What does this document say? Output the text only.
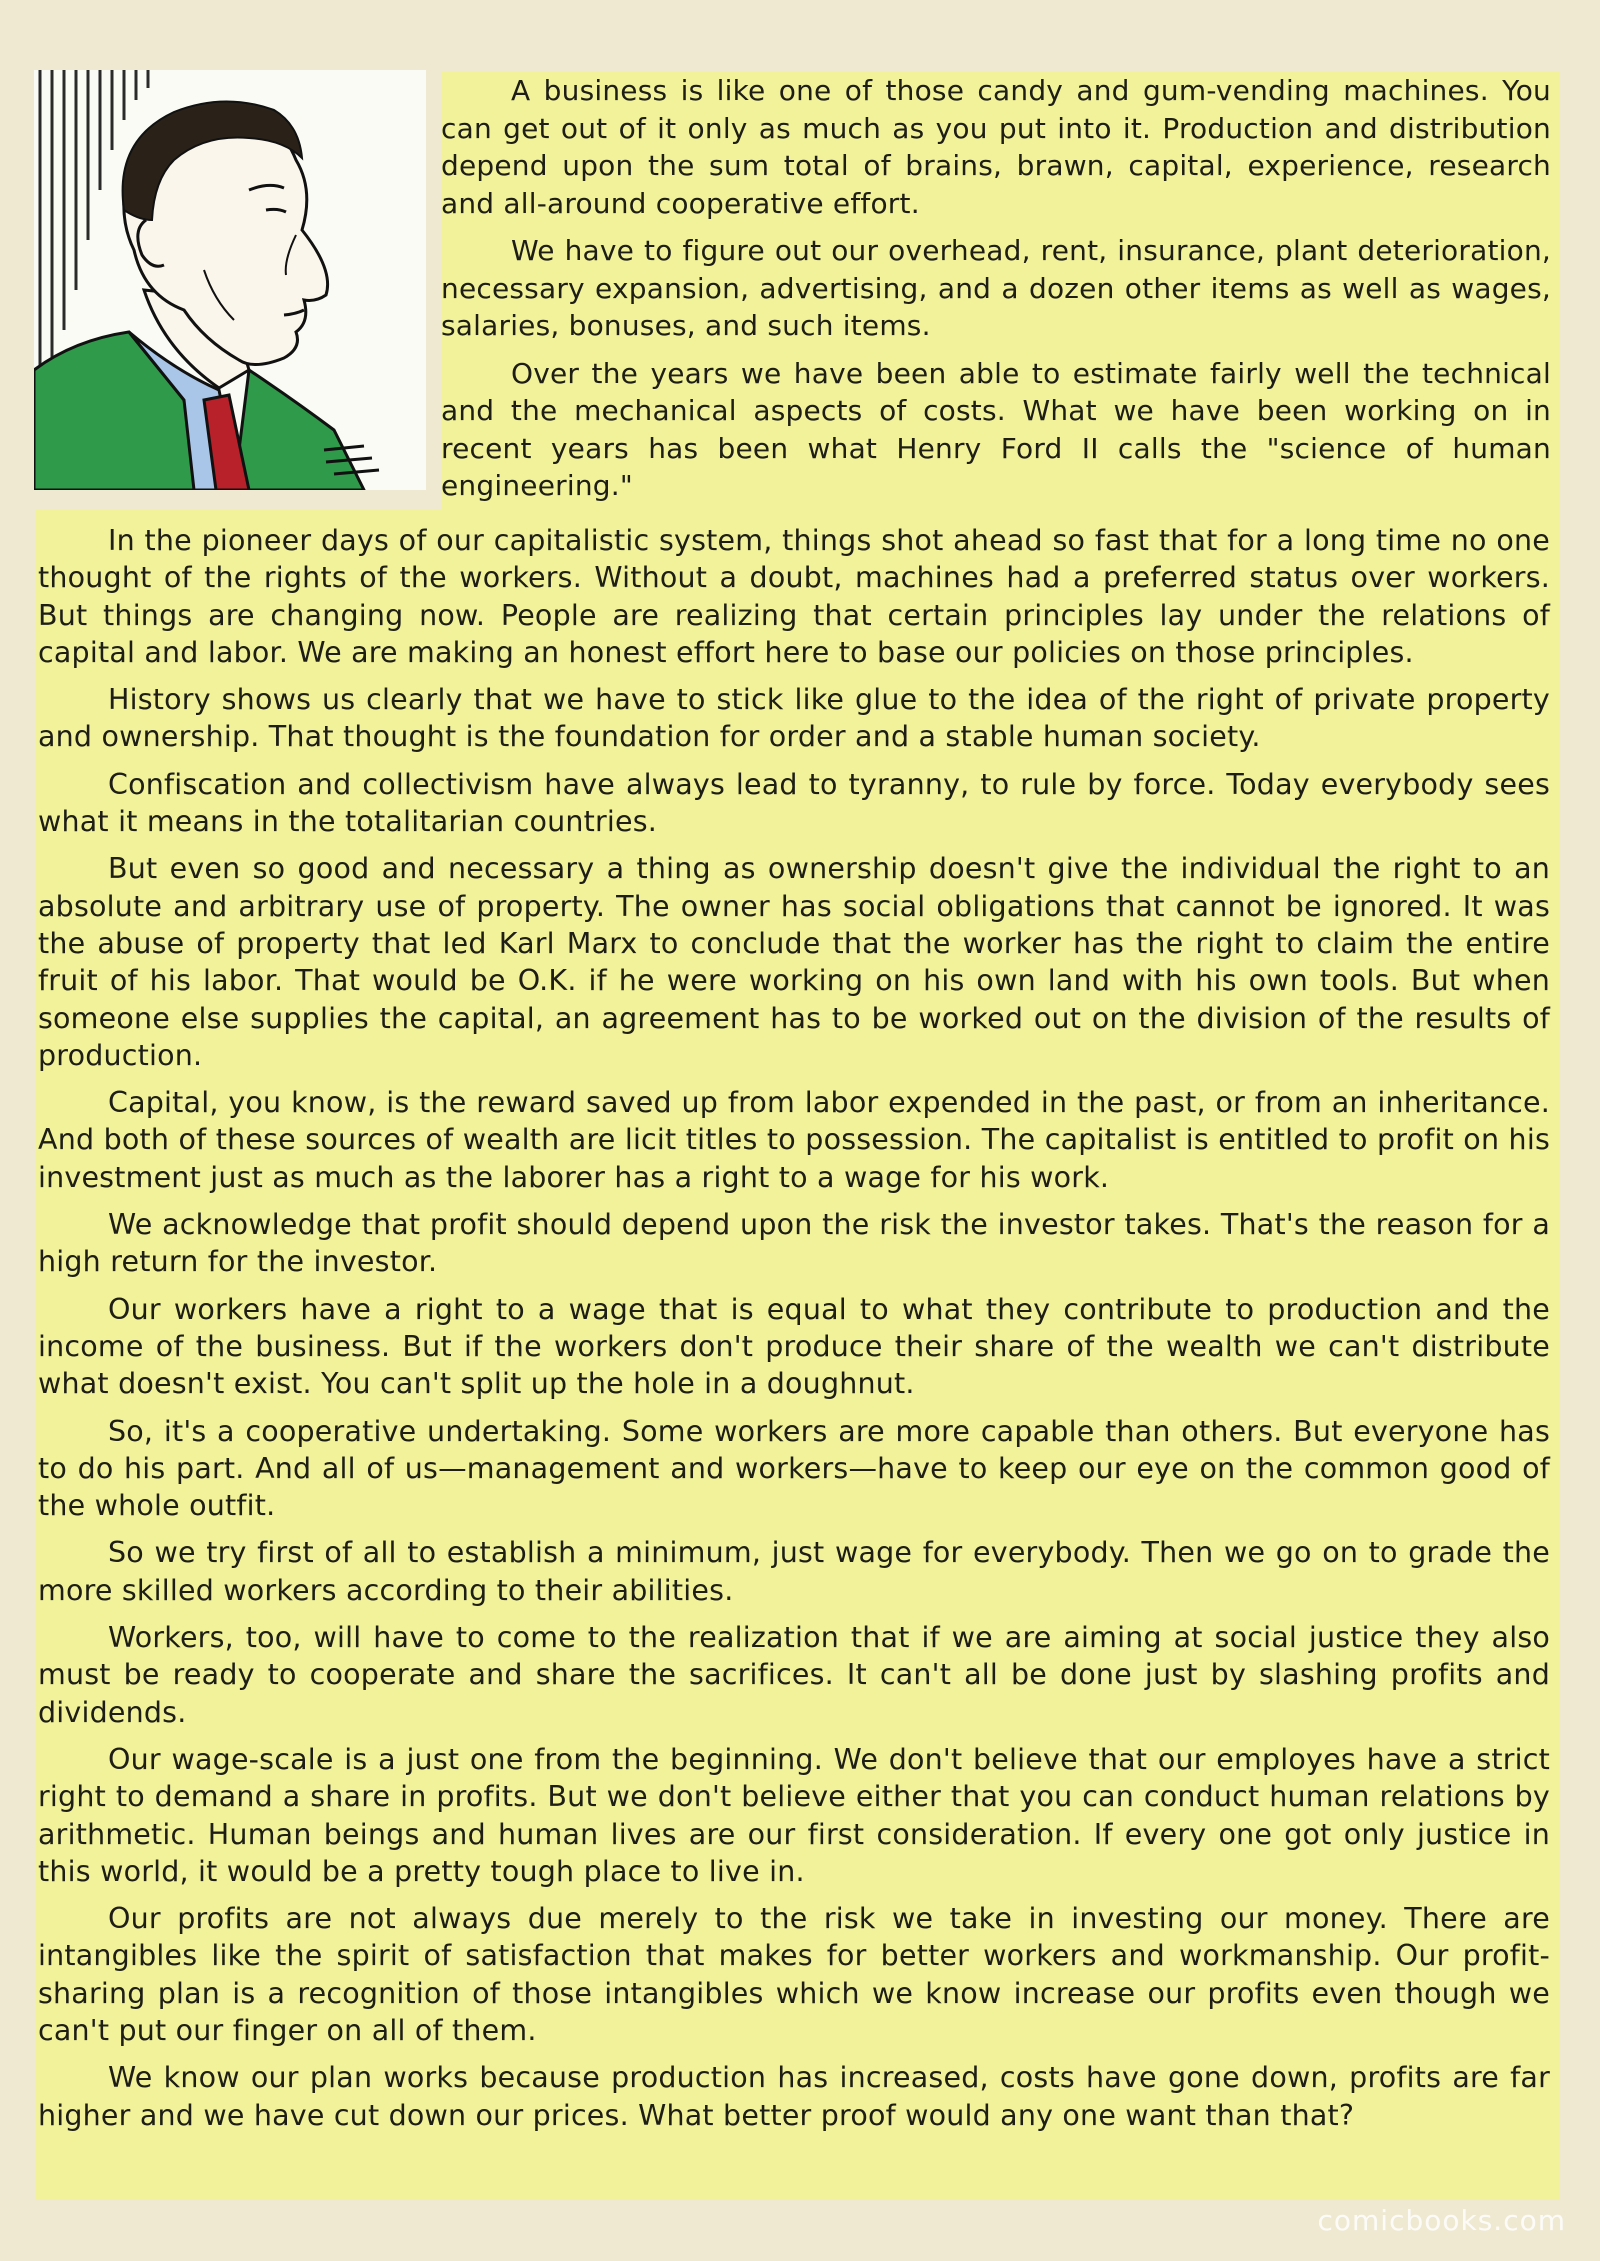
A business is like one of those candy and gum-vending machines. You can get out of it only as much as you put into it. Production and distribution depend upon the sum total of brains, brawn, capital, experience, research and all-around cooperative effort.

We have to figure out our overhead, rent, insurance, plant deterioration, necessary expansion, advertising, and a dozen other items as well as wages, salaries, bonuses, and such items.

Over the years we have been able to estimate fairly well the technical and the mechanical aspects of costs. What we have been working on in recent years has been what Henry Ford II calls the "science of human engineering."

In the pioneer days of our capitalistic system, things shot ahead so fast that for a long time no one thought of the rights of the workers. Without a doubt, machines had a preferred status over workers. But things are changing now. People are realizing that certain principles lay under the relations of capital and labor. We are making an honest effort here to base our policies on those principles.

History shows us clearly that we have to stick like glue to the idea of the right of private property and ownership. That thought is the foundation for order and a stable human society.

Confiscation and collectivism have always lead to tyranny, to rule by force. Today everybody sees what it means in the totalitarian countries.

But even so good and necessary a thing as ownership doesn't give the individual the right to an absolute and arbitrary use of property. The owner has social obligations that cannot be ignored. It was the abuse of property that led Karl Marx to conclude that the worker has the right to claim the entire fruit of his labor. That would be O.K. if he were working on his own land with his own tools. But when someone else supplies the capital, an agreement has to be worked out on the division of the results of production.

Capital, you know, is the reward saved up from labor expended in the past, or from an inheritance. And both of these sources of wealth are licit titles to possession. The capitalist is entitled to profit on his investment just as much as the laborer has a right to a wage for his work.

We acknowledge that profit should depend upon the risk the investor takes. That's the reason for a high return for the investor.

Our workers have a right to a wage that is equal to what they contribute to production and the income of the business. But if the workers don't produce their share of the wealth we can't distribute what doesn't exist. You can't split up the hole in a doughnut.

So, it's a cooperative undertaking. Some workers are more capable than others. But everyone has to do his part. And all of us—management and workers—have to keep our eye on the common good of the whole outfit.

So we try first of all to establish a minimum, just wage for everybody. Then we go on to grade the more skilled workers according to their abilities.

Workers, too, will have to come to the realization that if we are aiming at social justice they also must be ready to cooperate and share the sacrifices. It can't all be done just by slashing profits and dividends.

Our wage-scale is a just one from the beginning. We don't believe that our employes have a strict right to demand a share in profits. But we don't believe either that you can conduct human relations by arithmetic. Human beings and human lives are our first consideration. If every one got only justice in this world, it would be a pretty tough place to live in.

Our profits are not always due merely to the risk we take in investing our money. There are intangibles like the spirit of satisfaction that makes for better workers and workmanship. Our profit-sharing plan is a recognition of those intangibles which we know increase our profits even though we can't put our finger on all of them.

We know our plan works because production has increased, costs have gone down, profits are far higher and we have cut down our prices. What better proof would any one want than that?

comicbooks.com
